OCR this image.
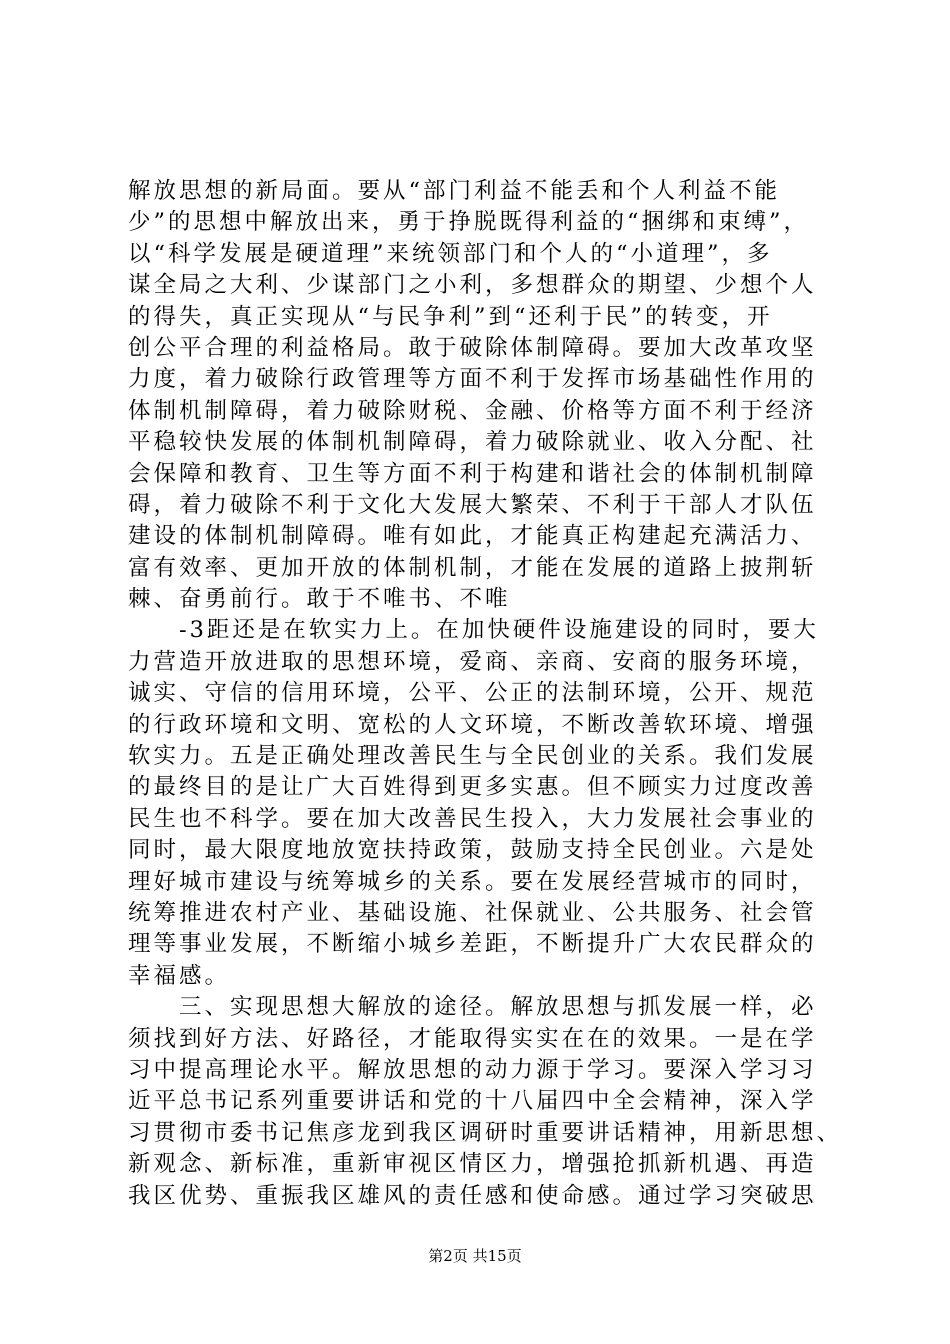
解放思想的新局面。要从“部门利益不能丢和个人利益不能
少”的思想中解放出来，勇于挣脱既得利益的“捆绑和束缚”，
以“科学发展是硬道理”来统领部门和个人的“小道理”，多
谋全局之大利、少谋部门之小利，多想群众的期望、少想个人
的得失，真正实现从“与民争利”到“还利于民”的转变，开
创公平合理的利益格局。敢于破除体制障碍。要加大改革攻坚
力度，着力破除行政管理等方面不利于发挥市场基础性作用的
体制机制障碍，着力破除财税、金融、价格等方面不利于经济
平稳较快发展的体制机制障碍，着力破除就业、收入分配、社
会保障和教育、卫生等方面不利于构建和谐社会的体制机制障
碍，着力破除不利于文化大发展大繁荣、不利于干部人才队伍
建设的体制机制障碍。唯有如此，才能真正构建起充满活力、
富有效率、更加开放的体制机制，才能在发展的道路上披荆斩
棘、奋勇前行。敢于不唯书、不唯
　　-3距还是在软实力上。在加快硬件设施建设的同时，要大
力营造开放进取的思想环境，爱商、亲商、安商的服务环境，
诚实、守信的信用环境，公平、公正的法制环境，公开、规范
的行政环境和文明、宽松的人文环境，不断改善软环境、增强
软实力。五是正确处理改善民生与全民创业的关系。我们发展
的最终目的是让广大百姓得到更多实惠。但不顾实力过度改善
民生也不科学。要在加大改善民生投入，大力发展社会事业的
同时，最大限度地放宽扶持政策，鼓励支持全民创业。六是处
理好城市建设与统筹城乡的关系。要在发展经营城市的同时，
统筹推进农村产业、基础设施、社保就业、公共服务、社会管
理等事业发展，不断缩小城乡差距，不断提升广大农民群众的
幸福感。
　　三、实现思想大解放的途径。解放思想与抓发展一样，必
须找到好方法、好路径，才能取得实实在在的效果。一是在学
习中提高理论水平。解放思想的动力源于学习。要深入学习习
近平总书记系列重要讲话和党的十八届四中全会精神，深入学
习贯彻市委书记焦彦龙到我区调研时重要讲话精神，用新思想、
新观念、新标准，重新审视区情区力，增强抢抓新机遇、再造
我区优势、重振我区雄风的责任感和使命感。通过学习突破思
第2页 共15页
